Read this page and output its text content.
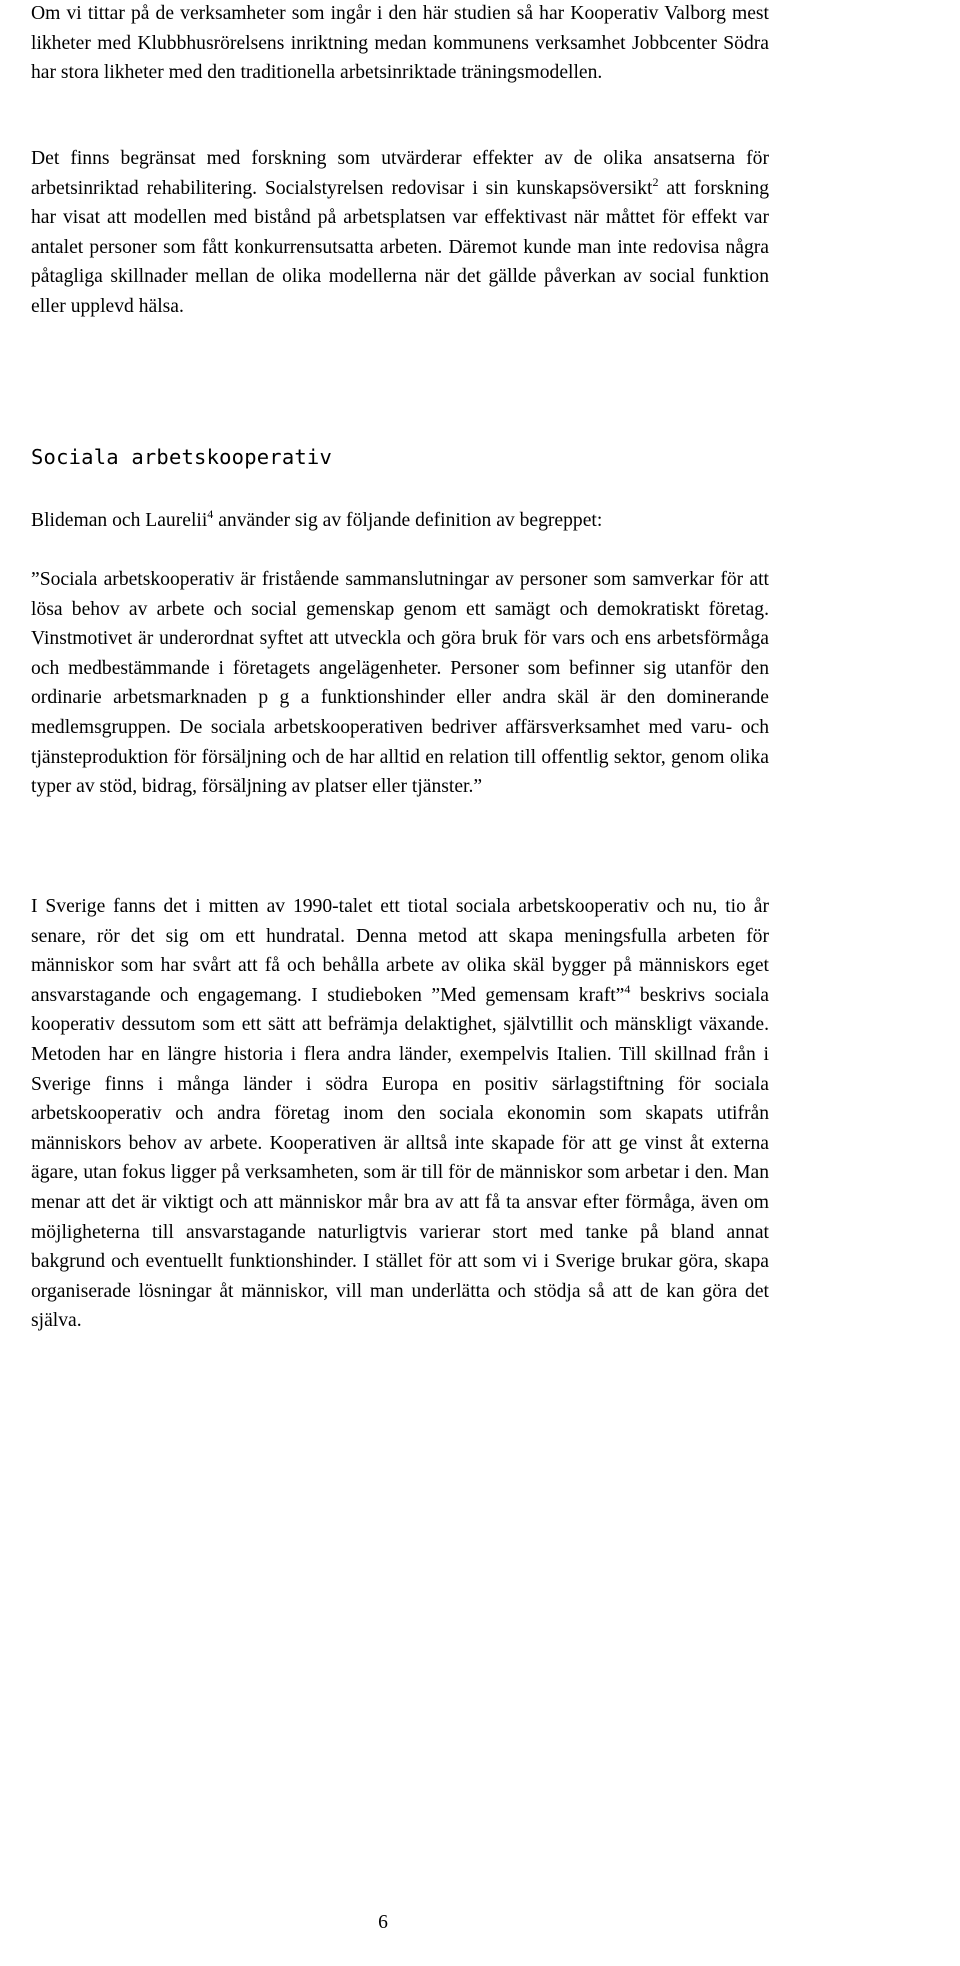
Om vi tittar på de verksamheter som ingår i den här studien så har Kooperativ Valborg mest likheter med Klubbhusrörelsens inriktning medan kommunens verksamhet Jobbcenter Södra har stora likheter med den traditionella arbetsinriktade träningsmodellen.

Det finns begränsat med forskning som utvärderar effekter av de olika ansatserna för arbetsinriktad rehabilitering. Socialstyrelsen redovisar i sin kunskapsöversikt$^2$ att forskning har visat att modellen med bistånd på arbetsplatsen var effektivast när måttet för effekt var antalet personer som fått konkurrensutsatta arbeten. Däremot kunde man inte redovisa några påtagliga skillnader mellan de olika modellerna när det gällde påverkan av social funktion eller upplevd hälsa.

Sociala arbetskooperativ

Blideman och Laurelii$^4$ använder sig av följande definition av begreppet:

”Sociala arbetskooperativ är fristående sammanslutningar av personer som samverkar för att lösa behov av arbete och social gemenskap genom ett samägt och demokratiskt företag. Vinstmotivet är underordnat syftet att utveckla och göra bruk för vars och ens arbetsförmåga och medbestämmande i företagets angelägenheter. Personer som befinner sig utanför den ordinarie arbetsmarknaden p g a funktionshinder eller andra skäl är den dominerande medlemsgruppen. De sociala arbetskooperativen bedriver affärsverksamhet med varu- och tjänsteproduktion för försäljning och de har alltid en relation till offentlig sektor, genom olika typer av stöd, bidrag, försäljning av platser eller tjänster.”

I Sverige fanns det i mitten av 1990-talet ett tiotal sociala arbetskooperativ och nu, tio år senare, rör det sig om ett hundratal. Denna metod att skapa meningsfulla arbeten för människor som har svårt att få och behålla arbete av olika skäl bygger på människors eget ansvarstagande och engagemang. I studieboken ”Med gemensam kraft”$^4$ beskrivs sociala kooperativ dessutom som ett sätt att befrämja delaktighet, självtillit och mänskligt växande. Metoden har en längre historia i flera andra länder, exempelvis Italien. Till skillnad från i Sverige finns i många länder i södra Europa en positiv särlagstiftning för sociala arbetskooperativ och andra företag inom den sociala ekonomin som skapats utifrån människors behov av arbete. Kooperativen är alltså inte skapade för att ge vinst åt externa ägare, utan fokus ligger på verksamheten, som är till för de människor som arbetar i den. Man menar att det är viktigt och att människor mår bra av att få ta ansvar efter förmåga, även om möjligheterna till ansvarstagande naturligtvis varierar stort med tanke på bland annat bakgrund och eventuellt funktionshinder. I stället för att som vi i Sverige brukar göra, skapa organiserade lösningar åt människor, vill man underlätta och stödja så att de kan göra det själva.

6
